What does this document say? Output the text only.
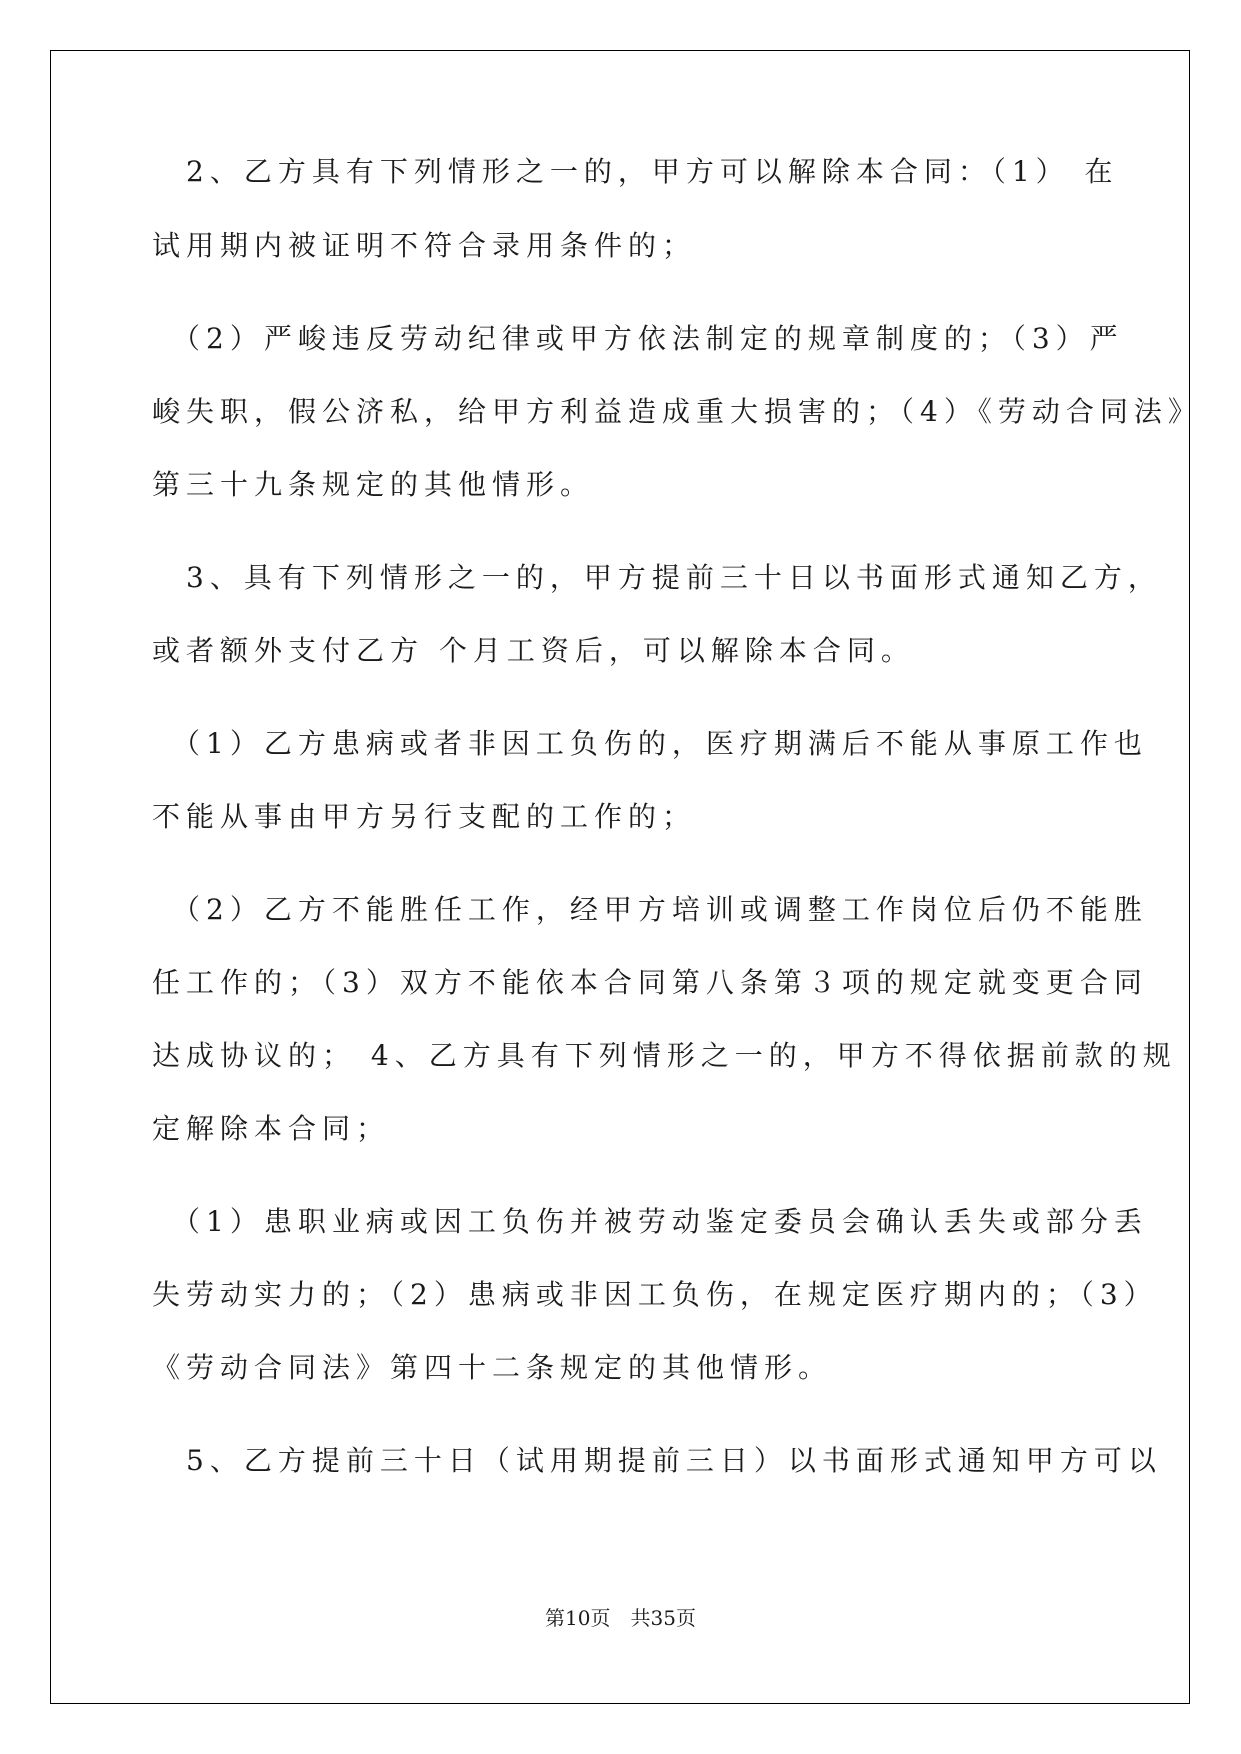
　2、乙方具有下列情形之一的，甲方可以解除本合同：（1） 在

试用期内被证明不符合录用条件的；

　（2）严峻违反劳动纪律或甲方依法制定的规章制度的；（3）严

峻失职，假公济私，给甲方利益造成重大损害的；（4）《劳动合同法》

第三十九条规定的其他情形。

　3、具有下列情形之一的，甲方提前三十日以书面形式通知乙方，

或者额外支付乙方 个月工资后，可以解除本合同。

　（1）乙方患病或者非因工负伤的，医疗期满后不能从事原工作也

不能从事由甲方另行支配的工作的；

　（2）乙方不能胜任工作，经甲方培训或调整工作岗位后仍不能胜

任工作的；（3）双方不能依本合同第八条第３项的规定就变更合同

达成协议的； 4、乙方具有下列情形之一的，甲方不得依据前款的规

定解除本合同；

　（1）患职业病或因工负伤并被劳动鉴定委员会确认丢失或部分丢

失劳动实力的；（2）患病或非因工负伤，在规定医疗期内的；（3）

《劳动合同法》第四十二条规定的其他情形。

　5、乙方提前三十日（试用期提前三日）以书面形式通知甲方可以

第10页　共35页
